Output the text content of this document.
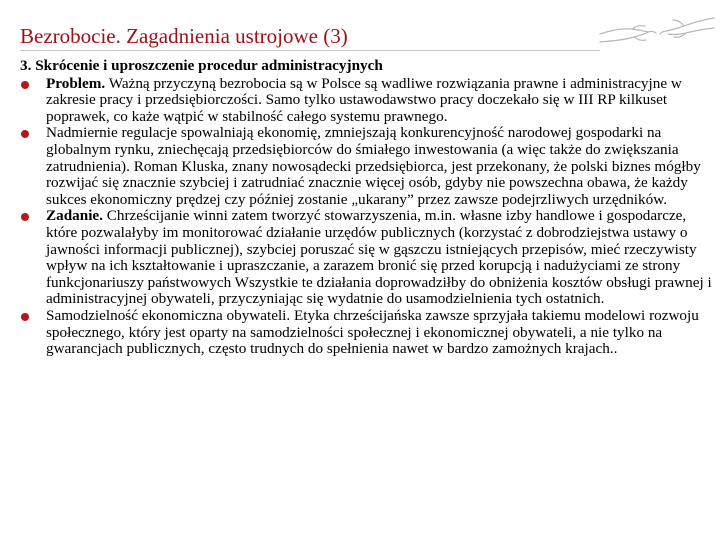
Bezrobocie. Zagadnienia ustrojowe (3)
3. Skrócenie i uproszczenie procedur administracyjnych
Problem. Ważną przyczyną bezrobocia są w Polsce są wadliwe rozwiązania prawne i administracyjne w zakresie pracy i przedsiębiorczości. Samo tylko ustawodawstwo pracy doczekało się w III RP kilkuset poprawek, co każe wątpić w stabilność całego systemu prawnego.
Nadmiernie regulacje spowalniają ekonomię, zmniejszają konkurencyjność narodowej gospodarki na globalnym rynku, zniechęcają przedsiębiorców do śmiałego inwestowania (a więc także do zwiększania zatrudnienia). Roman Kluska, znany nowosądecki przedsiębiorca, jest przekonany, że polski biznes mógłby rozwijać się znacznie szybciej i zatrudniać znacznie więcej osób, gdyby nie powszechna obawa, że każdy sukces ekonomiczny prędzej czy później zostanie „ukarany” przez zawsze podejrzliwych urzędników.
Zadanie. Chrześcijanie winni zatem tworzyć stowarzyszenia, m.in. własne izby handlowe i gospodarcze, które pozwalałyby im monitorować działanie urzędów publicznych (korzystać z dobrodziejstwa ustawy o jawności informacji publicznej), szybciej poruszać się w gąszczu istniejących przepisów, mieć rzeczywisty wpływ na ich kształtowanie i upraszczanie, a zarazem bronić się przed korupcją i nadużyciami ze strony funkcjonariuszy państwowych Wszystkie te działania doprowadziłby do obniżenia kosztów obsługi prawnej i administracyjnej obywateli, przyczyniając się wydatnie do usamodzielnienia tych ostatnich.
Samodzielność ekonomiczna obywateli. Etyka chrześcijańska zawsze sprzyjała takiemu modelowi rozwoju społecznego, który jest oparty na samodzielności społecznej i ekonomicznej obywateli, a nie tylko na gwarancjach publicznych, często trudnych do spełnienia nawet w bardzo zamożnych krajach..
